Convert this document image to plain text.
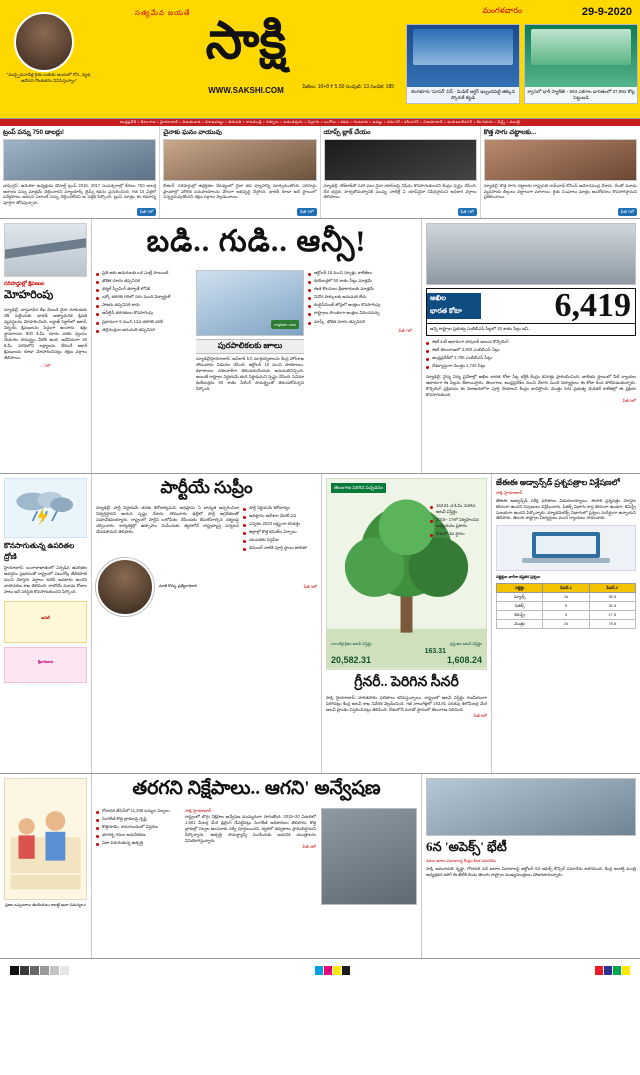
"ముప్పైమూడేళ్ల రైతు బతుకు అందులో గోస, వ్యథ, ఆవేదన గొంతుకను వినిపిస్తున్నాం"
సత్యమేవ జయతే సాక్షి
WWW.SAKSHI.COM	పేజీలు: 10+8 ₹ 5.50 సంపుటి: 13 సంచిక: 185
మంగళవారం	29-9-2020
బెంగళూరు 'సూపర్' విన్ - మిడిల్ ఆర్డర్ ఇబ్బందిపెట్టి తక్కువ స్కోరుకే కట్టడి
శ్వాసలో భారీ ప్యాకేజీ! - 593 ఎకరాల భారతంలో 37,982 కోట్ల పెట్టుబడి
ఆంధ్రప్రదేశ్ • తెలంగాణ • హైదరాబాద్ • విజయవాడ • విశాఖపట్నం • తిరుపతి • రాజమండ్రి • కర్నూలు • అనంతపురం • నెల్లూరు • ఒంగోలు • కడప • గుంటూరు • ఖమ్మం • వరంగల్ • కరీంనగర్ • నిజామాబాద్ • మహబూబ్‌నగర్ • బెంగళూరు • చెన్నై • ముంబై
ట్రంప్ పన్ను 750 డాలర్లు!
వాషింగ్టన్: అమెరికా అధ్యక్షుడు డొనాల్డ్ ట్రంప్ 2016, 2017 సంవత్సరాల్లో కేవలం 750 డాలర్ల ఆదాయ పన్ను మాత్రమే చెల్లించారని న్యూయార్క్ టైమ్స్ కథనం ప్రచురించింది. గత 15 ఏళ్లలో పదేళ్లపాటు ఆయన ఎలాంటి పన్ను చెల్లించలేదని ఆ పత్రిక పేర్కొంది. ట్రంప్ మాత్రం ఈ కథనాన్ని పూర్తిగా తోసిపుచ్చారు.
పేజీ 7లో
చైనాకు ఘనం వాయువు
బీజింగ్: సరిహద్దుల్లో ఉద్రిక్తతల నేపథ్యంలో చైనా తన వ్యూహాన్ని మార్చుకుంటోంది. సరిహద్దు ప్రాంతాల్లో మౌలిక సదుపాయాలను వేగంగా అభివృద్ధి చేస్తోంది. భారత్ కూడా అదే స్థాయిలో సన్నద్ధమవుతోందని రక్షణ వర్గాలు వెల్లడించాయి.
పేజీ 7లో
యాప్స్ బ్లాక్ చేయం
న్యూఢిల్లీ: టిక్‌టాక్‌తో సహా పలు చైనా యాప్‌లపై నిషేధం కొనసాగుతుందని కేంద్రం స్పష్టం చేసింది. దేశ భద్రత, సార్వభౌమత్వానికి ముప్పు వాటిల్లే ఏ యాప్‌నైనా నిషేధిస్తామని అధికార వర్గాలు తెలిపాయి.
పేజీ 7లో
కొత్త సాగు చట్టాలకు...
న్యూఢిల్లీ: కొత్త సాగు చట్టాలకు రాష్ట్రపతి రామ్‌నాథ్ కోవింద్ ఆమోదముద్ర వేశారు. దీంతో మూడు వ్యవసాయ బిల్లులు చట్టాలుగా మారాయి. రైతు సంఘాలు మాత్రం ఆందోళనలు కొనసాగిస్తామని ప్రకటించాయి.
పేజీ 7లో
సరిహద్దుల్లో క్షిపణుల
మోహరింపు
న్యూఢిల్లీ: వాస్తవాధీన రేఖ వెంబడి చైనా దూకుడుకు చెక్ పెట్టేందుకు భారత్ అత్యాధునిక క్షిపణి వ్యవస్థలను మోహరించింది. లద్దాఖ్ సెక్టార్‌లో ఆకాశ్, నిర్భయ్ క్షిపణులను సిద్ధంగా ఉంచారు. శత్రు స్థావరాలను 800 కి.మీ. దూరం వరకు ధ్వంసం చేయగల సామర్థ్యం వీటికి ఉంది. అదేవిధంగా 40 కి.మీ. పరిధిలోని లక్ష్యాలను ఛేదించే ఆకాశ్ క్షిపణులను కూడా మోహరించినట్లు రక్షణ వర్గాలు తెలిపాయి.
– 7లో
బడి.. గుడి.. ఆన్సీ!
ప్రతి ఆరు అడుగులకు ఒక ఎంట్రీ పాయింట్
భౌతిక దూరం తప్పనిసరి
థర్మల్ స్క్రీనింగ్ తర్వాతే లోనికి
ఒక్కో తరగతి గదిలో సగం మంది విద్యార్థులే
హాజరు తప్పనిసరి కాదు
ఆన్‌లైన్ తరగతులు కొనసాగింపు
ప్రధానంగా 9 నుంచి 12వ తరగతి వరకే
తల్లిదండ్రుల అనుమతి తప్పనిసరి
register now
పురపాలికలకు జూలు
న్యూఢిల్లీ/హైదరాబాద్: అన్‌లాక్ 5.0 మార్గదర్శకాలను కేంద్ర హోంశాఖ సోమవారం విడుదల చేసింది. అక్టోబర్ 15 నుంచి పాఠశాలలు, కళాశాలలు దశలవారీగా తెరుచుకునేందుకు అనుమతినిచ్చింది. అయితే రాష్ట్రాల నిర్ణయమే తుది నిర్ణయమని స్పష్టం చేసింది. సినిమా థియేటర్లను 50 శాతం సీటింగ్ సామర్థ్యంతో తెరుచుకోవచ్చని పేర్కొంది.
అక్టోబర్ 15 నుంచి స్కూళ్లు, కాలేజీలు
థియేటర్లలో 50 శాతం సీట్లు మాత్రమే
ఈత కొలనులు క్రీడాకారులకు మాత్రమే
వినోద పార్కులకు అనుమతి లేదు
కంటైన్‌మెంట్ జోన్లలో ఆంక్షలు కొనసాగింపు
రాష్ట్రాలు సొంతంగా ఆంక్షలు విధించవచ్చు
మాస్క్, భౌతిక దూరం తప్పనిసరి
పేజీ 7లో
అఖిల
భారత కోటా	6,419
అన్ని రాష్ట్రాల ప్రభుత్వ ఎంబీబీఎస్ సీట్లలో 15 శాతం సీట్లు ఇవీ..
ఈటీ ఓటీ ఆధారంగా పాపులర్ అయిన కౌన్సెలింగ్
ఈటీ తెలంగాణలో 3,900 ఎంబీబీఎస్ సీట్లు
ఆంధ్రప్రదేశ్‌లో 2,785 ఎంబీబీఎస్ సీట్లు
దేశవ్యాప్తంగా మొత్తం 1,740 సీట్లు
న్యూఢిల్లీ: వైద్య విద్య ప్రవేశాల్లో అఖిల భారత కోటా సీట్ల భర్తీకి కేంద్రం కసరత్తు ప్రారంభించింది. జాతీయ స్థాయిలో నీట్ ర్యాంకుల ఆధారంగా ఈ సీట్లను కేటాయిస్తారు. తెలంగాణ, ఆంధ్రప్రదేశ్‌ల నుంచి వేలాది మంది విద్యార్థులు ఈ కోటా కింద పోటీపడుతున్నారు. కౌన్సెలింగ్ ప్రక్రియను ఈ నెలాఖరులోగా పూర్తి చేయాలని కేంద్రం భావిస్తోంది. మొత్తం 541 ప్రభుత్వ మెడికల్ కాలేజీల్లో ఈ ప్రక్రియ కొనసాగుతుంది.
పేజీ 5లో
కొనసాగుతున్న ఉపరితల ద్రోణి
హైదరాబాద్: బంగాళాఖాతంలో ఏర్పడిన ఉపరితల ఆవర్తనం ప్రభావంతో రాష్ట్రంలో పలుచోట్ల తేలికపాటి నుంచి మోస్తరు వర్షాలు కురిసే అవకాశం ఉందని వాతావరణ శాఖ తెలిపింది. రాబోయే మూడు రోజుల పాటు ఇదే పరిస్థితి కొనసాగుతుందని పేర్కొంది.
అనిల్
శ్రీవారిబాట
పార్టీయే సుప్రీం
న్యూఢిల్లీ: పార్టీ నిర్ణయమే తనకు శిరోధార్యమని, అధిష్ఠానం ఏ బాధ్యత అప్పగించినా నిర్వర్తిస్తానని ఆయన స్పష్టం చేశారు. సోమవారం ఢిల్లీలో పార్టీ అగ్రనేతలతో సమావేశమయ్యారు. రాష్ట్రంలో పార్టీని బలోపేతం చేసేందుకు తీసుకోవాల్సిన చర్యలపై చర్చించారు. కార్యకర్తల్లో ఉత్సాహం నింపేందుకు త్వరలోనే రాష్ట్రవ్యాప్త పర్యటన చేపడతామని తెలిపారు.
పార్టీ నిర్ణయమే శిరోధార్యం
అధిష్ఠానం ఆదేశాల మేరకే పని
ఎన్నికల 2023 లక్ష్యంగా కసరత్తు
జిల్లాల్లో కొత్త కమిటీల ఏర్పాటు
యువతకు పెద్దపీట
డిసెంబర్ నాటికి పూర్తి స్థాయి జాబితా
మాజీ కొమ్మ, ప్రత్యేకాధికారి	పేజీ 3లో
తెలంగాణ పెరిగిన పచ్చదనం
నాలుగేళ్ల క్రితం అటవీ విస్తీర్ణం
20,582.31
ప్రస్తుతం అటవీ విస్తీర్ణం
1,608.24
163.81 చ.కి.మీ. పెరిగిన అటవీ విస్తీర్ణం
2015– 17లో నిర్వహించిన అధ్యయనం ప్రకారం
దేశంలో 3వ స్థానం
163.31
గ్రీనరీ.. పెరిగిన సీనరీ
సాక్షి, హైదరాబాద్: హరితహారం ఫలితాలు కనిపిస్తున్నాయి. రాష్ట్రంలో అటవీ విస్తీర్ణం గణనీయంగా పెరిగినట్లు కేంద్ర అటవీ శాఖ నివేదిక వెల్లడించింది. గత నాలుగేళ్లలో 163.81 చదరపు కిలోమీటర్ల మేర అటవీ ప్రాంతం విస్తరించినట్లు తెలిపింది. దేశంలోనే మూడో స్థానంలో తెలంగాణ నిలిచింది.
పేజీ 6లో
జేఈఈ అడ్వాన్స్‌డ్ ప్రశ్నపత్రాల విశ్లేషణలో
సాక్షి, హైదరాబాద్
జేఈఈ అడ్వాన్స్‌డ్ పరీక్ష ఫలితాలు విడుదలయ్యాయి. ఈసారి ప్రశ్నపత్రం మోస్తరు కఠినంగా ఉందని నిపుణులు విశ్లేషించారు. ఫిజిక్స్ విభాగం కాస్త కఠినంగా ఉండగా, కెమిస్ట్రీ సులభంగా ఉందని పేర్కొన్నారు. మ్యాథమెటిక్స్ విభాగంలో ప్రశ్నలు సుదీర్ఘంగా ఉన్నాయని తెలిపారు. తెలుగు రాష్ట్రాల విద్యార్థులు మంచి ర్యాంకులు సాధించారు.
సబ్జెక్టుల వారీగా కష్టతర ప్రశ్నలు
సబ్జెక్టు	పేపర్-1	పేపర్-2
మ్యాథ్స్	10	30.5
ఫిజిక్స్	9	31.5
కెమిస్ట్రీ	5	17.5
మొత్తం	24	79.5
ప్రజల ఒప్పందాలు తలకిందులు కాబట్టి ఇంకా సమస్యలు!
తరగని నిక్షేపాలు.. ఆగని' అన్వేషణ
గోదావరి బేసిన్‌లో 11,295 టన్నుల నిల్వలు
సింగరేణి కొత్త బ్లాకులపై దృష్టి
కొత్తగూడెం, రామగుండంలో విస్తరణ
భూగర్భ గనుల ఆధునీకరణ
ఏటా పెరుగుతున్న ఉత్పత్తి
సాక్షి, హైదరాబాద్
రాష్ట్రంలో బొగ్గు నిక్షేపాల అన్వేషణ ముమ్మరంగా సాగుతోంది. 2019–20 ఏడాదిలో 1,501 మీటర్ల మేర డ్రిల్లింగ్ చేపట్టినట్లు సింగరేణి అధికారులు తెలిపారు. కొత్త బ్లాకుల్లో నిల్వల అంచనాకు సర్వే పూర్తయిందని, త్వరలో తవ్వకాలు ప్రారంభిస్తామని పేర్కొన్నారు. ఉత్పత్తి సామర్థ్యాన్ని పెంచేందుకు ఆధునిక యంత్రాలను వినియోగిస్తున్నారు.
పేజీ 4లో	6న 'అపెక్స్' భేటీ
నదుల జలాల వివాదాలపై కేంద్రం కీలక సమావేశం
సాక్షి, అమరావతి: కృష్ణా, గోదావరి నదీ జలాల వివాదాలపై అక్టోబర్ 6న అపెక్స్ కౌన్సిల్ సమావేశం జరగనుంది. కేంద్ర జలశక్తి మంత్రి అధ్యక్షతన జరిగే ఈ భేటీకి రెండు తెలుగు రాష్ట్రాల ముఖ్యమంత్రులు హాజరుకానున్నారు.
